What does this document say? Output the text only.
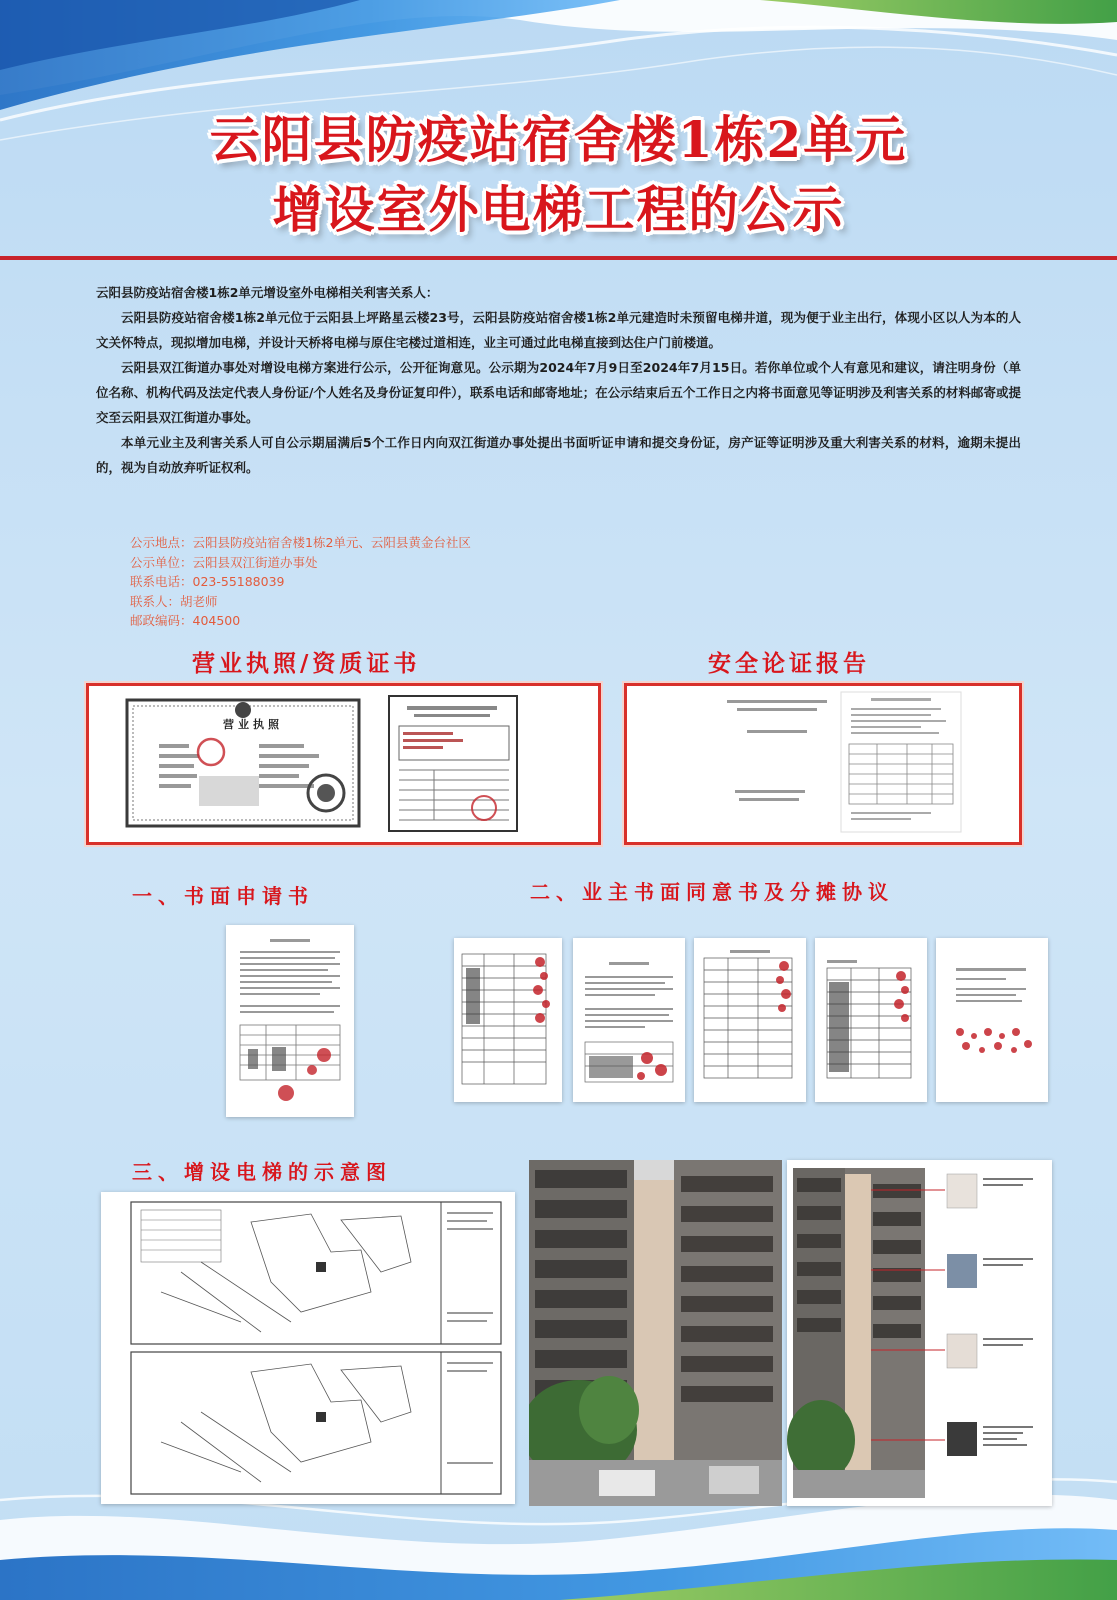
云阳县防疫站宿舍楼1栋2单元
增设室外电梯工程的公示

云阳县防疫站宿舍楼1栋2单元增设室外电梯相关利害关系人：

云阳县防疫站宿舍楼1栋2单元位于云阳县上坪路星云楼23号，云阳县防疫站宿舍楼1栋2单元建造时未预留电梯井道，现为便于业主出行，体现小区以人为本的人文关怀特点，现拟增加电梯，并设计天桥将电梯与原住宅楼过道相连，业主可通过此电梯直接到达住户门前楼道。

云阳县双江街道办事处对增设电梯方案进行公示，公开征询意见。公示期为2024年7月9日至2024年7月15日。若你单位或个人有意见和建议，请注明身份（单位名称、机构代码及法定代表人身份证/个人姓名及身份证复印件），联系电话和邮寄地址；在公示结束后五个工作日之内将书面意见等证明涉及利害关系的材料邮寄或提交至云阳县双江街道办事处。

本单元业主及利害关系人可自公示期届满后5个工作日内向双江街道办事处提出书面听证申请和提交身份证，房产证等证明涉及重大利害关系的材料，逾期未提出的，视为自动放弃听证权利。

公示地点：云阳县防疫站宿舍楼1栋2单元、云阳县黄金台社区
公示单位：云阳县双江街道办事处
联系电话：023-55188039
联系人：胡老师
邮政编码：404500
营业执照/资质证书	安全论证报告
营业执照
一、书面申请书	二、业主书面同意书及分摊协议
三、增设电梯的示意图
